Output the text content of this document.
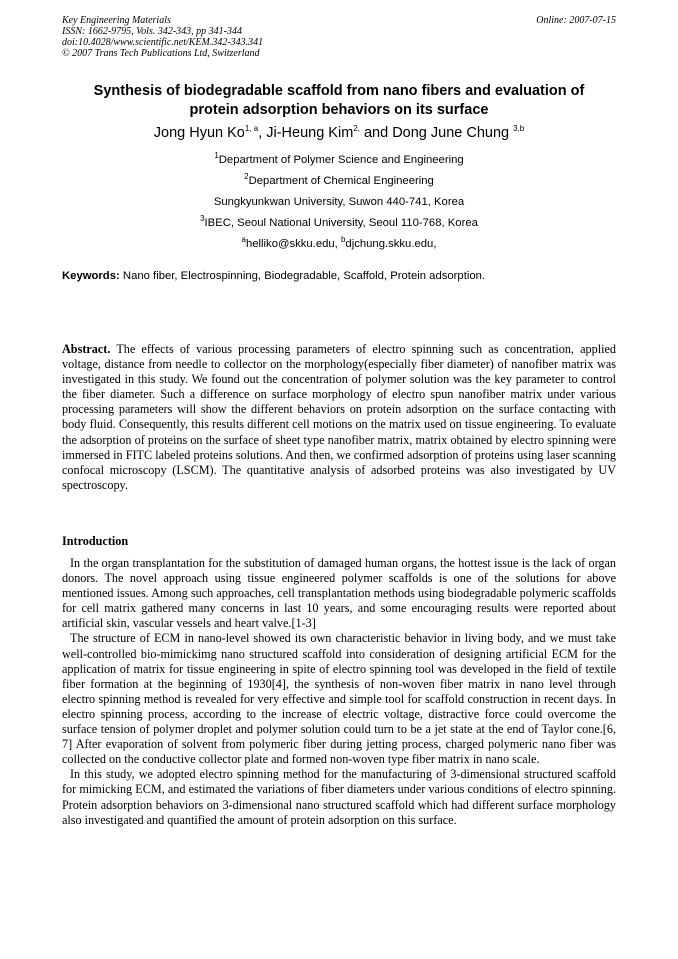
Key Engineering Materials
ISSN: 1662-9795, Vols. 342-343, pp 341-344
doi:10.4028/www.scientific.net/KEM.342-343.341
© 2007 Trans Tech Publications Ltd, Switzerland
Online: 2007-07-15
Synthesis of biodegradable scaffold from nano fibers and evaluation of
protein adsorption behaviors on its surface
Jong Hyun Ko$^{1, a}$, Ji-Heung Kim$^{2,}$ and Dong June Chung $^{3,b}$
$^1$Department of Polymer Science and Engineering
$^2$Department of Chemical Engineering
Sungkyunkwan University, Suwon 440-741, Korea
$^3$IBEC, Seoul National University, Seoul 110-768, Korea
$^a$helliko@skku.edu, $^b$djchung.skku.edu,
Keywords: Nano fiber, Electrospinning, Biodegradable, Scaffold, Protein adsorption.
Abstract. The effects of various processing parameters of electro spinning such as concentration, applied voltage, distance from needle to collector on the morphology(especially fiber diameter) of nanofiber matrix was investigated in this study. We found out the concentration of polymer solution was the key parameter to control the fiber diameter. Such a difference on surface morphology of electro spun nanofiber matrix under various processing parameters will show the different behaviors on protein adsorption on the surface contacting with body fluid. Consequently, this results different cell motions on the matrix used on tissue engineering. To evaluate the adsorption of proteins on the surface of sheet type nanofiber matrix, matrix obtained by electro spinning were immersed in FITC labeled proteins solutions. And then, we confirmed adsorption of proteins using laser scanning confocal microscopy (LSCM). The quantitative analysis of adsorbed proteins was also investigated by UV spectroscopy.
Introduction

In the organ transplantation for the substitution of damaged human organs, the hottest issue is the lack of organ donors. The novel approach using tissue engineered polymer scaffolds is one of the solutions for above mentioned issues. Among such approaches, cell transplantation methods using biodegradable polymeric scaffolds for cell matrix gathered many concerns in last 10 years, and some encouraging results were reported about artificial skin, vascular vessels and heart valve.[1-3]

The structure of ECM in nano-level showed its own characteristic behavior in living body, and we must take well-controlled bio-mimickimg nano structured scaffold into consideration of designing artificial ECM for the application of matrix for tissue engineering in spite of electro spinning tool was developed in the field of textile fiber formation at the beginning of 1930[4], the synthesis of non-woven fiber matrix in nano level through electro spinning method is revealed for very effective and simple tool for scaffold construction in recent days. In electro spinning process, according to the increase of electric voltage, distractive force could overcome the surface tension of polymer droplet and polymer solution could turn to be a jet state at the end of Taylor cone.[6, 7] After evaporation of solvent from polymeric fiber during jetting process, charged polymeric nano fiber was collected on the conductive collector plate and formed non-woven type fiber matrix in nano scale.

In this study, we adopted electro spinning method for the manufacturing of 3-dimensional structured scaffold for mimicking ECM, and estimated the variations of fiber diameters under various conditions of electro spinning. Protein adsorption behaviors on 3-dimensional nano structured scaffold which had different surface morphology also investigated and quantified the amount of protein adsorption on this surface.
